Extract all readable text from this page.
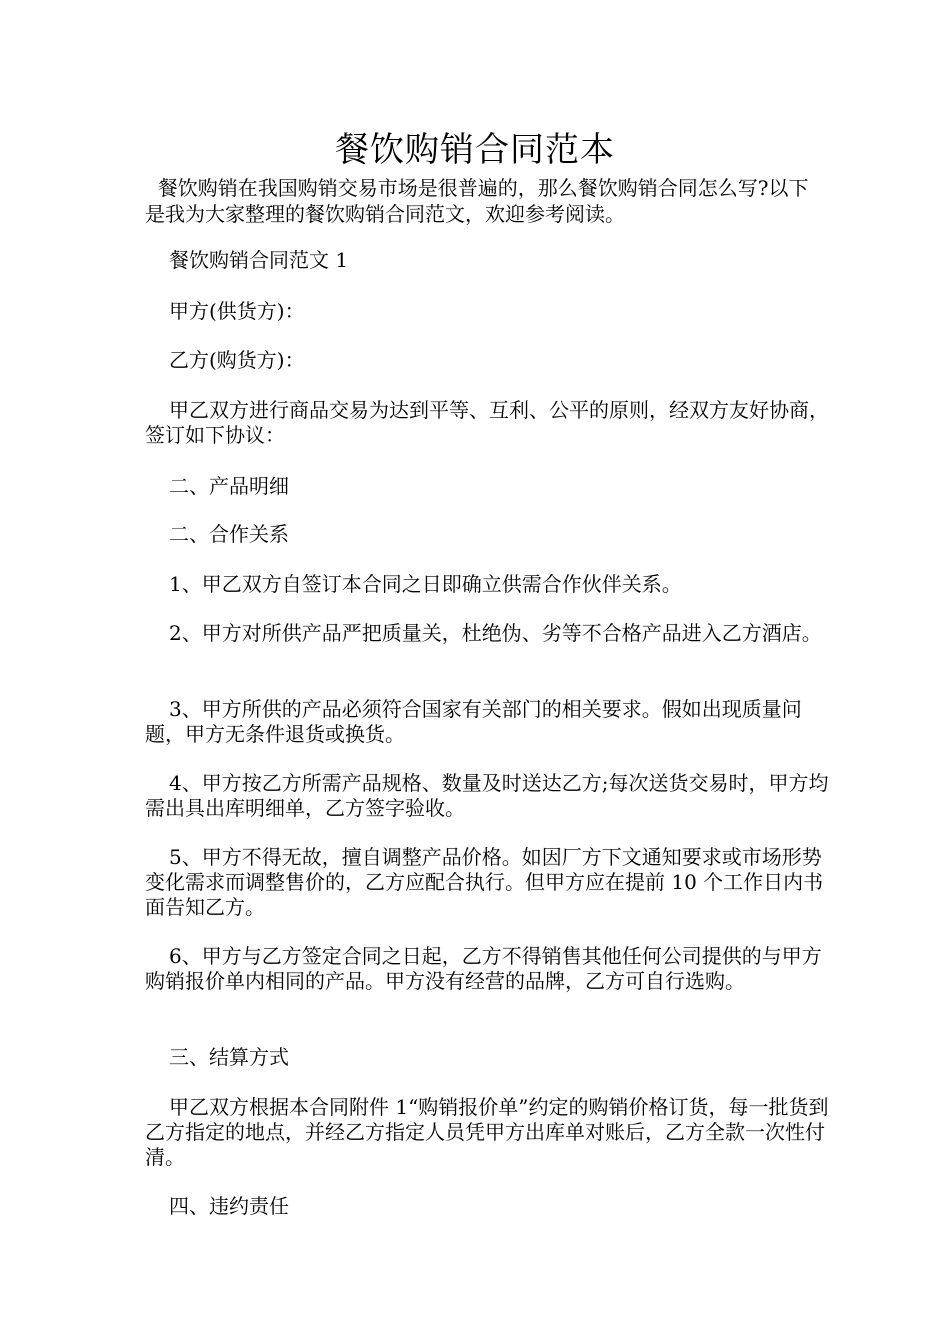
餐饮购销合同范本

餐饮购销在我国购销交易市场是很普遍的，那么餐饮购销合同怎么写?以下是我为大家整理的餐饮购销合同范文，欢迎参考阅读。

餐饮购销合同范文 1

甲方(供货方)：

乙方(购货方)：

甲乙双方进行商品交易为达到平等、互利、公平的原则，经双方友好协商，签订如下协议：

二、产品明细

二、合作关系

1、甲乙双方自签订本合同之日即确立供需合作伙伴关系。

2、甲方对所供产品严把质量关，杜绝伪、劣等不合格产品进入乙方酒店。

3、甲方所供的产品必须符合国家有关部门的相关要求。假如出现质量问题，甲方无条件退货或换货。

4、甲方按乙方所需产品规格、数量及时送达乙方;每次送货交易时，甲方均需出具出库明细单，乙方签字验收。

5、甲方不得无故，擅自调整产品价格。如因厂方下文通知要求或市场形势变化需求而调整售价的，乙方应配合执行。但甲方应在提前 10 个工作日内书面告知乙方。

6、甲方与乙方签定合同之日起，乙方不得销售其他任何公司提供的与甲方购销报价单内相同的产品。甲方没有经营的品牌，乙方可自行选购。

三、结算方式

甲乙双方根据本合同附件 1“购销报价单”约定的购销价格订货，每一批货到乙方指定的地点，并经乙方指定人员凭甲方出库单对账后，乙方全款一次性付清。

四、违约责任
